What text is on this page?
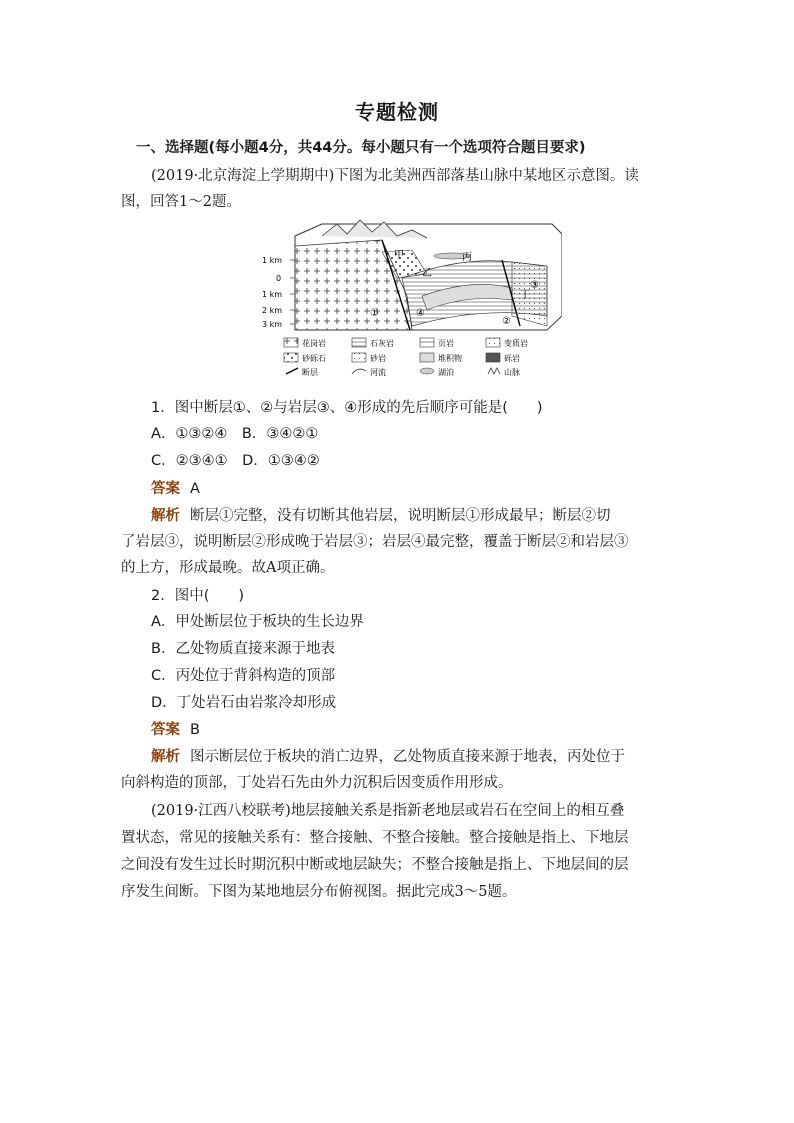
专题检测
一、选择题(每小题4分，共44分。每小题只有一个选项符合题目要求)
(2019·北京海淀上学期期中)下图为北美洲西部落基山脉中某地区示意图。读
图，回答1～2题。
1 km
0
1 km
2 km
3 km
甲
乙
丙
丁
①
②
③
④
花岗岩	石灰岩	页岩	变质岩
砂砾石	砂岩	堆积物	砾岩
断层	河流	湖泊	山脉
1．图中断层①、②与岩层③、④形成的先后顺序可能是(　　)
A．①③②④　B．③④②①
C．②③④①　D．①③④②
答案 A
解析 断层①完整，没有切断其他岩层，说明断层①形成最早；断层②切
了岩层③，说明断层②形成晚于岩层③；岩层④最完整，覆盖于断层②和岩层③
的上方，形成最晚。故A项正确。
2．图中(　　)
A．甲处断层位于板块的生长边界
B．乙处物质直接来源于地表
C．丙处位于背斜构造的顶部
D．丁处岩石由岩浆冷却形成
答案 B
解析 图示断层位于板块的消亡边界，乙处物质直接来源于地表，丙处位于
向斜构造的顶部，丁处岩石先由外力沉积后因变质作用形成。
(2019·江西八校联考)地层接触关系是指新老地层或岩石在空间上的相互叠
置状态，常见的接触关系有：整合接触、不整合接触。整合接触是指上、下地层
之间没有发生过长时期沉积中断或地层缺失；不整合接触是指上、下地层间的层
序发生间断。下图为某地地层分布俯视图。据此完成3～5题。
